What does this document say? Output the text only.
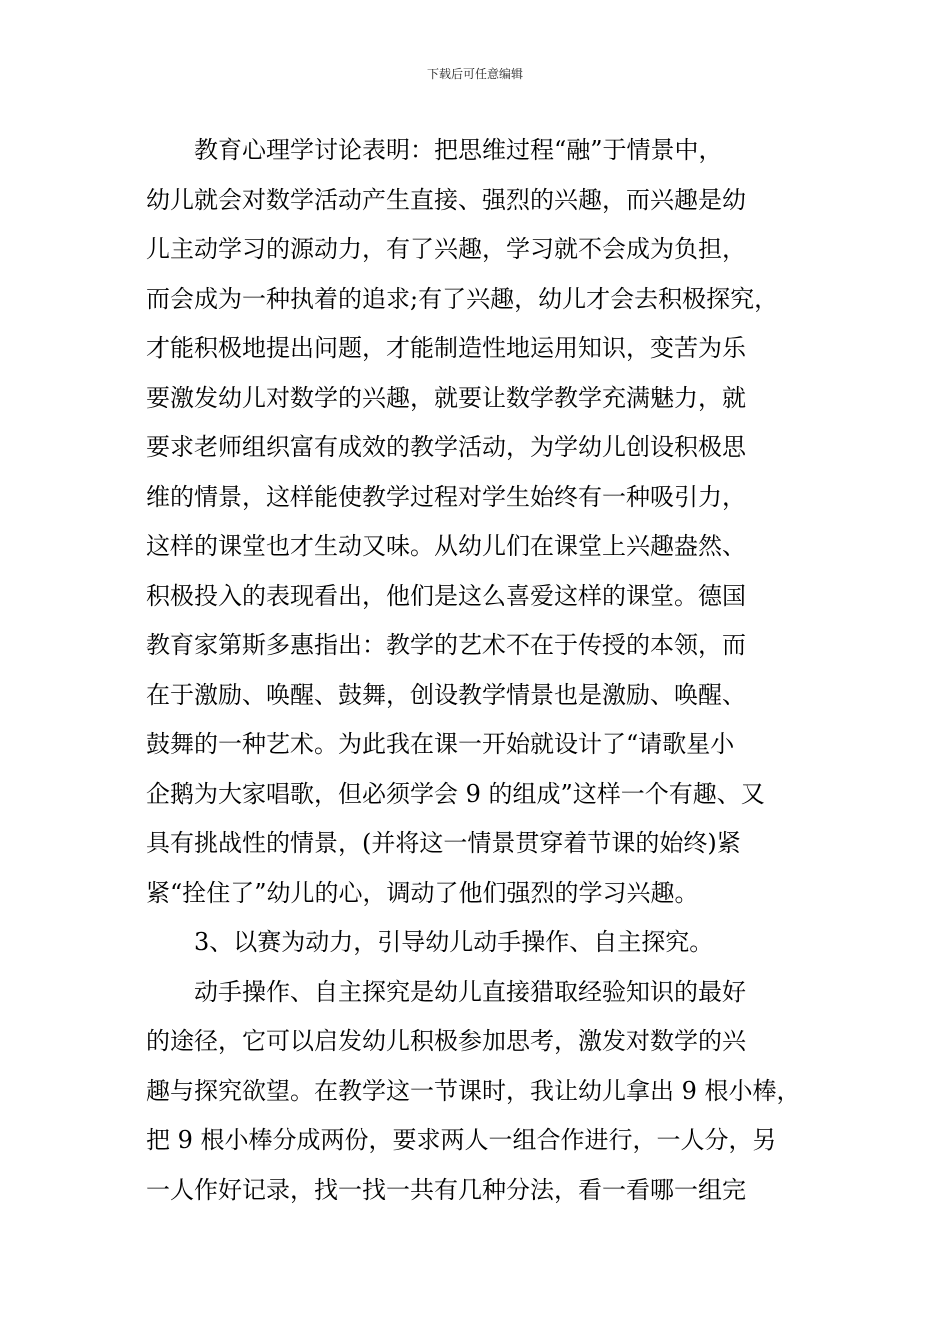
下载后可任意编辑
教育心理学讨论表明：把思维过程“融”于情景中，
幼儿就会对数学活动产生直接、强烈的兴趣，而兴趣是幼
儿主动学习的源动力，有了兴趣，学习就不会成为负担，
而会成为一种执着的追求;有了兴趣，幼儿才会去积极探究，
才能积极地提出问题，才能制造性地运用知识，变苦为乐
要激发幼儿对数学的兴趣，就要让数学教学充满魅力，就
要求老师组织富有成效的教学活动，为学幼儿创设积极思
维的情景，这样能使教学过程对学生始终有一种吸引力，
这样的课堂也才生动又味。从幼儿们在课堂上兴趣盎然、
积极投入的表现看出，他们是这么喜爱这样的课堂。德国
教育家第斯多惠指出：教学的艺术不在于传授的本领，而
在于激励、唤醒、鼓舞，创设教学情景也是激励、唤醒、
鼓舞的一种艺术。为此我在课一开始就设计了“请歌星小
企鹅为大家唱歌，但必须学会 9 的组成”这样一个有趣、又
具有挑战性的情景，(并将这一情景贯穿着节课的始终)紧
紧“拴住了”幼儿的心，调动了他们强烈的学习兴趣。
3、以赛为动力，引导幼儿动手操作、自主探究。
动手操作、自主探究是幼儿直接猎取经验知识的最好
的途径，它可以启发幼儿积极参加思考，激发对数学的兴
趣与探究欲望。在教学这一节课时，我让幼儿拿出 9 根小棒，
把 9 根小棒分成两份，要求两人一组合作进行，一人分，另
一人作好记录，找一找一共有几种分法，看一看哪一组完
